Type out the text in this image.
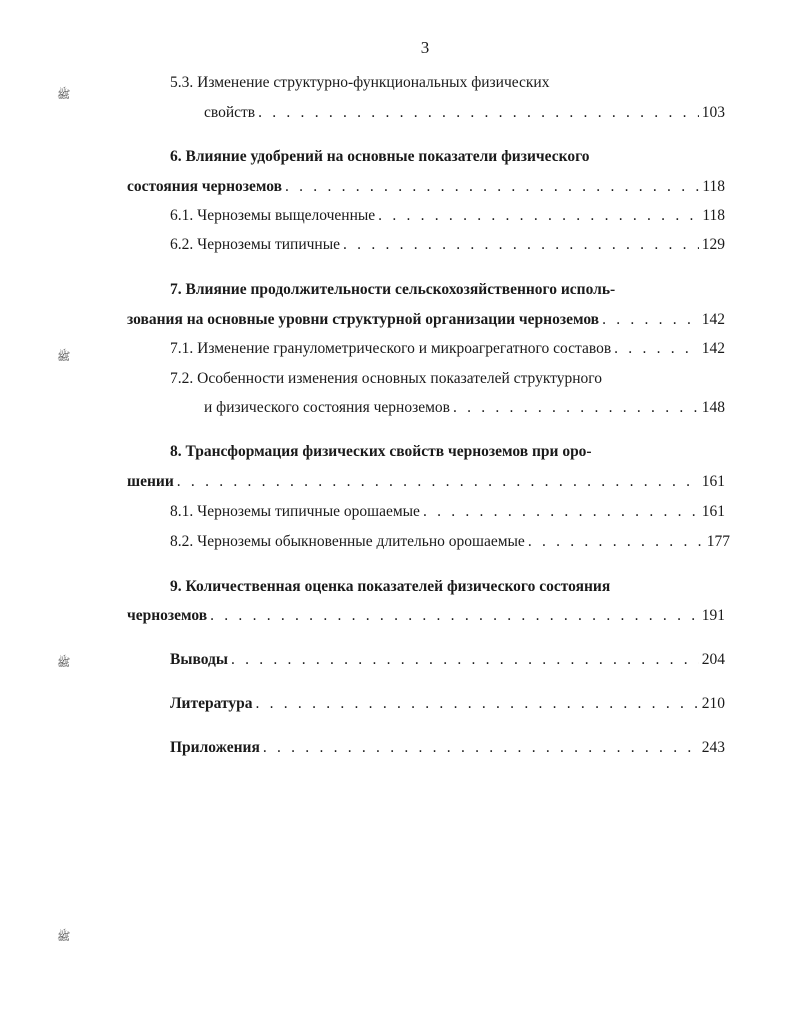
3
5.3.
Изменение структурно-функциональных физических
свойств . . .	103
6.
Влияние удобрений на основные показатели физического
состояния черноземов . . .	118
6.1.
Черноземы выщелоченные . . .	118
6.2.
Черноземы типичные . . .	129
7.
Влияние продолжительности сельскохозяйственного исполь-
зования на основные уровни структурной организации черноземов . . .	142
7.1.
Изменение гранулометрического и микроагрегатного составов . . .	142
7.2.
Особенности изменения основных показателей структурного
и физического состояния черноземов . . .	148
8.
Трансформация физических свойств черноземов при оро-
шении . . .	161
8.1.
Черноземы типичные орошаемые . . .	161
8.2.
Черноземы обыкновенные длительно орошаемые . . .	177
9.
Количественная оценка показателей физического состояния
черноземов . . .	191
Выводы . . .	204
Литература . . .	210
Приложения . . .	243
ﷺ
ﷺ
ﷺ
ﷺ
